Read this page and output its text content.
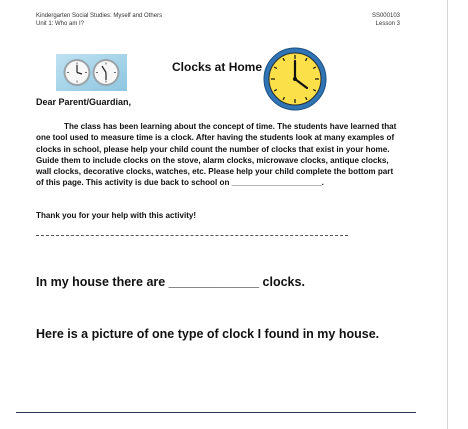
Kindergarten Social Studies: Myself and Others
Unit 1: Who am I?
SS000103
Lesson 3
Clocks at Home
Dear Parent/Guardian,
The class has been learning about the concept of time. The students have learned that one tool used to measure time is a clock. After having the students look at many examples of clocks in school, please help your child count the number of clocks that exist in your home. Guide them to include clocks on the stove, alarm clocks, microwave clocks, antique clocks, wall clocks, decorative clocks, watches, etc. Please help your child complete the bottom part of this page. This activity is due back to school on ____________________.
Thank you for your help with this activity!
In my house there are _____________ clocks.
Here is a picture of one type of clock I found in my house.
